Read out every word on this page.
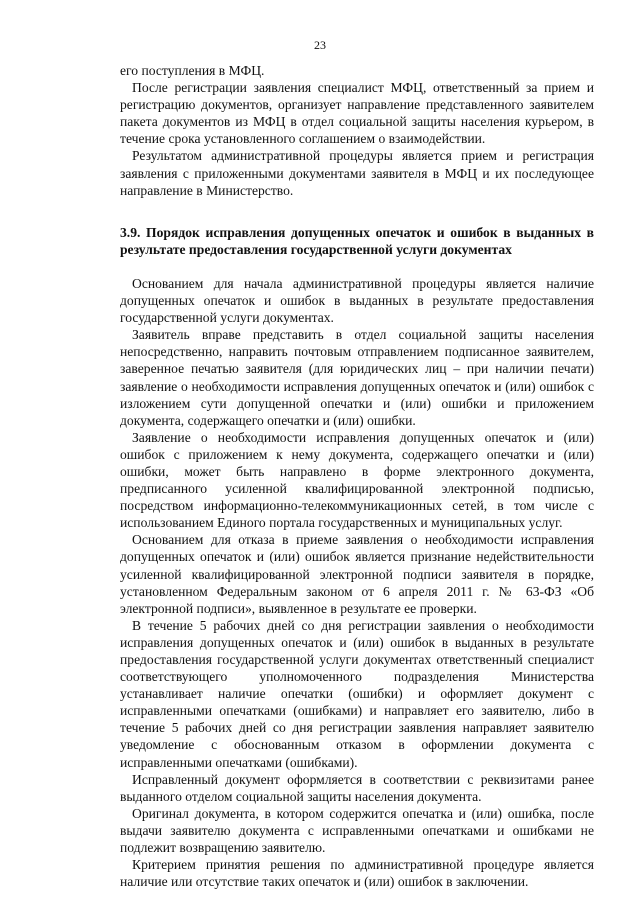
23

его поступления в МФЦ.

После регистрации заявления специалист МФЦ, ответственный за прием и регистрацию документов, организует направление представленного заявителем пакета документов из МФЦ в отдел социальной защиты населения курьером, в течение срока установленного соглашением о взаимодействии.

Результатом административной процедуры является прием и регистрация заявления с приложенными документами заявителя в МФЦ и их последующее направление в Министерство.

3.9. Порядок исправления допущенных опечаток и ошибок в выданных в результате предоставления государственной услуги документах

Основанием для начала административной процедуры является наличие допущенных опечаток и ошибок в выданных в результате предоставления государственной услуги документах.

Заявитель вправе представить в отдел социальной защиты населения непосредственно, направить почтовым отправлением подписанное заявителем, заверенное печатью заявителя (для юридических лиц – при наличии печати) заявление о необходимости исправления допущенных опечаток и (или) ошибок с изложением сути допущенной опечатки и (или) ошибки и приложением документа, содержащего опечатки и (или) ошибки.

Заявление о необходимости исправления допущенных опечаток и (или) ошибок с приложением к нему документа, содержащего опечатки и (или) ошибки, может быть направлено в форме электронного документа, предписанного усиленной квалифицированной электронной подписью, посредством информационно-телекоммуникационных сетей, в том числе с использованием Единого портала государственных и муниципальных услуг.

Основанием для отказа в приеме заявления о необходимости исправления допущенных опечаток и (или) ошибок является признание недействительности усиленной квалифицированной электронной подписи заявителя в порядке, установленном Федеральным законом от 6 апреля 2011 г. № 63-ФЗ «Об электронной подписи», выявленное в результате ее проверки.

В течение 5 рабочих дней со дня регистрации заявления о необходимости исправления допущенных опечаток и (или) ошибок в выданных в результате предоставления государственной услуги документах ответственный специалист соответствующего уполномоченного подразделения Министерства устанавливает наличие опечатки (ошибки) и оформляет документ с исправленными опечатками (ошибками) и направляет его заявителю, либо в течение 5 рабочих дней со дня регистрации заявления направляет заявителю уведомление с обоснованным отказом в оформлении документа с исправленными опечатками (ошибками).

Исправленный документ оформляется в соответствии с реквизитами ранее выданного отделом социальной защиты населения документа.

Оригинал документа, в котором содержится опечатка и (или) ошибка, после выдачи заявителю документа с исправленными опечатками и ошибками не подлежит возвращению заявителю.

Критерием принятия решения по административной процедуре является наличие или отсутствие таких опечаток и (или) ошибок в заключении.
